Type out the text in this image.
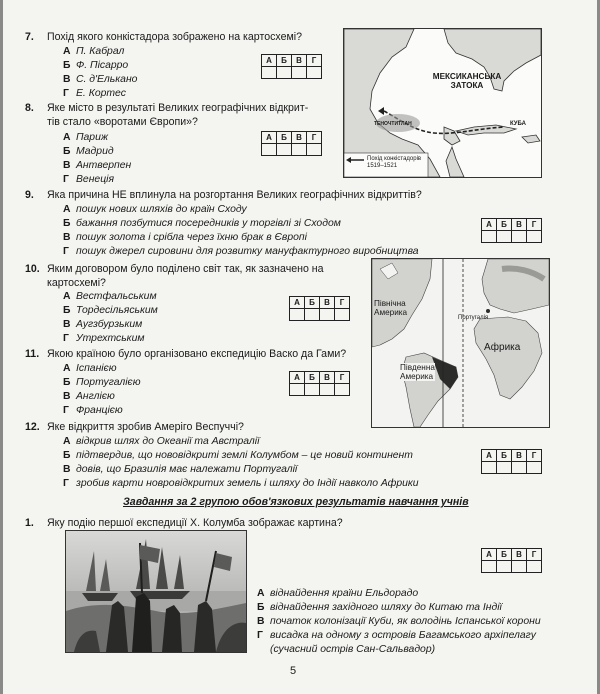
7.	Похід якого конкістадора зображено на картосхемі?
А П. Кабрал
Б Ф. Пісарро
В С. д'Елькано
Г Е. Кортес
А	Б	В	Г
МЕКСИКАНСЬКА
ЗАТОКА
ТЕНОЧТИТЛАН	КУБА
Похід конкістадорів
1519–1521
8.	Яке місто в результаті Великих географічних відкрит-
тів стало «воротами Європи»?
А Париж
Б Мадрид
В Антверпен
Г Венеція
А	Б	В	Г
9.	Яка причина НЕ вплинула на розгортання Великих географічних відкриттів?
А пошук нових шляхів до країн Сходу
Б бажання позбутися посередників у торгівлі зі Сходом
В пошук золота і срібла через їхню брак в Європі
Г пошук джерел сировини для розвитку мануфактурного виробництва
А	Б	В	Г
10. Яким договором було поділено світ так, як зазначено на
картосхемі?
А Вестфальським
Б Тордесільяським
В Аугзбурзьким
Г Утрехтським
А	Б	В	Г	Північна
Америка
Південна
Америка
Африка
Португалія
11. Якою країною було організовано експедицію Васко да Гами?
А Іспанією
Б Португалією
В Англією
Г Францією
А	Б	В	Г
12. Яке відкриття зробив Амеріго Веспуччі?
А відкрив шлях до Океанії та Австралії
Б підтвердив, що нововідкриті землі Колумбом – це новий континент
В довів, що Бразилія має належати Португалії
Г зробив карти новровідкритих земель і шляху до Індії навколо Африки
А	Б	В	Г
Завдання за 2 групою обов'язкових результатів навчання учнів
1.	Яку подію першої експедиції Х. Колумба зображає картина?
А	Б	В	Г
А віднайдення країни Ельдорадо
Б віднайдення західного шляху до Китаю та Індії
В початок колонізації Куби, як володінь Іспанської корони
Г висадка на одному з островів Багамського архіпелагу
(сучасний острів Сан-Сальвадор)
5
